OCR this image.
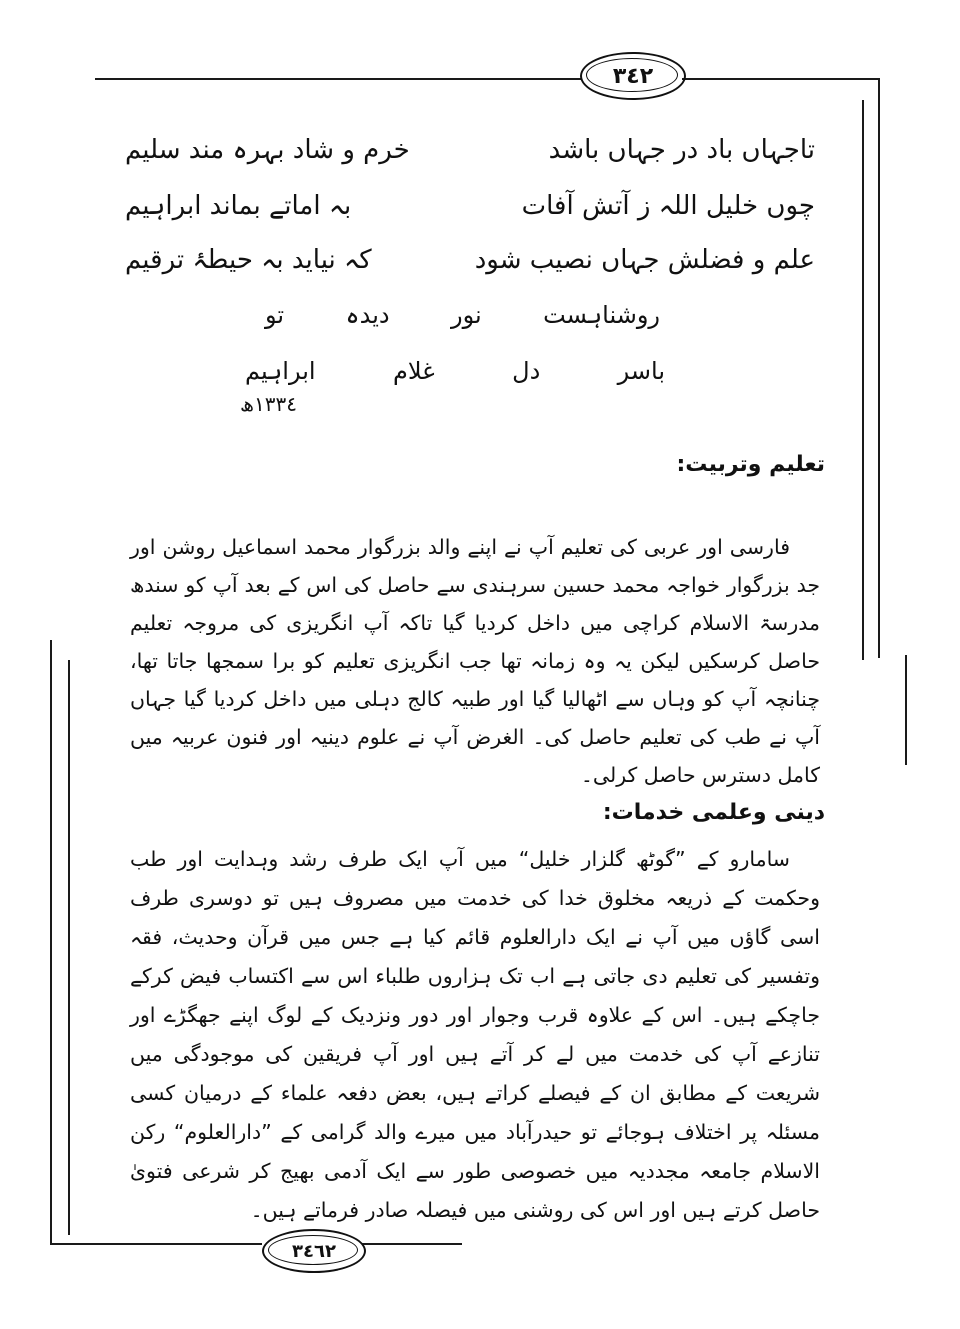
٣٤٢
٣٤٦٢
تاجہاں باد در جہاں باشد
خرم و شاد بہرہ مند سلیم
چوں خلیل اللہ ز آتش آفات
بہ اماتے بماند ابراہیم
علم و فضلش جہاں نصیب شود
کہ نیاید بہ حیطۂ ترقیم
روشناہست
نور
دیدہ
تو
باسر
دل
غلام
ابراہیم
١٣٣٤ھ
تعلیم وتربیت:

فارسی اور عربی کی تعلیم آپ نے اپنے والد بزرگوار محمد اسماعیل روشن اور جد بزرگوار خواجہ محمد حسین سرہندی سے حاصل کی اس کے بعد آپ کو سندھ مدرسۃ الاسلام کراچی میں داخل کردیا گیا تاکہ آپ انگریزی کی مروجہ تعلیم حاصل کرسکیں لیکن یہ وہ زمانہ تھا جب انگریزی تعلیم کو برا سمجھا جاتا تھا، چنانچہ آپ کو وہاں سے اٹھالیا گیا اور طبیہ کالج دہلی میں داخل کردیا گیا جہاں آپ نے طب کی تعلیم حاصل کی۔ الغرض آپ نے علوم دینیہ اور فنون عربیہ میں کامل دسترس حاصل کرلی۔

دینی وعلمی خدمات:

سامارو کے ”گوٹھ گلزار خلیل“ میں آپ ایک طرف رشد وہدایت اور طب وحکمت کے ذریعہ مخلوق خدا کی خدمت میں مصروف ہیں تو دوسری طرف اسی گاؤں میں آپ نے ایک دارالعلوم قائم کیا ہے جس میں قرآن وحدیث، فقہ وتفسیر کی تعلیم دی جاتی ہے اب تک ہزاروں طلباء اس سے اکتساب فیض کرکے جاچکے ہیں۔ اس کے علاوہ قرب وجوار اور دور ونزدیک کے لوگ اپنے جھگڑے اور تنازعے آپ کی خدمت میں لے کر آتے ہیں اور آپ فریقین کی موجودگی میں شریعت کے مطابق ان کے فیصلے کراتے ہیں، بعض دفعہ علماء کے درمیان کسی مسئلہ پر اختلاف ہوجائے تو حیدرآباد میں میرے والد گرامی کے ”دارالعلوم“ رکن الاسلام جامعہ مجددیہ میں خصوصی طور سے ایک آدمی بھیج کر شرعی فتویٰ حاصل کرتے ہیں اور اس کی روشنی میں فیصلہ صادر فرماتے ہیں۔
